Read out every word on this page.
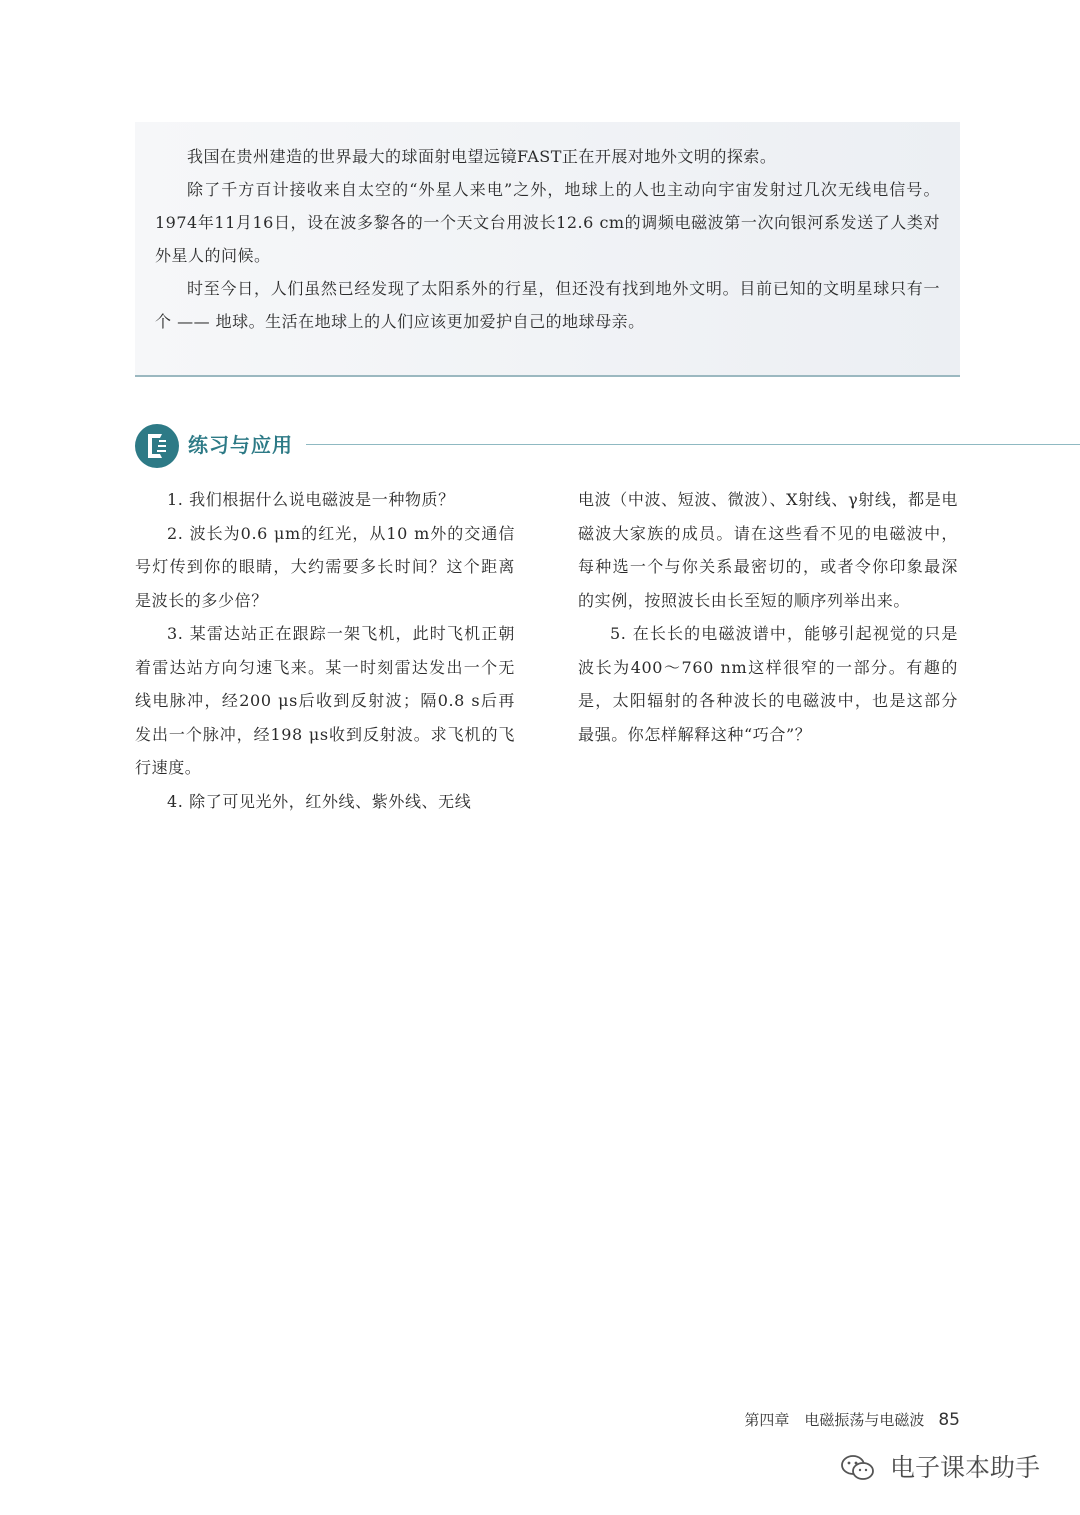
我国在贵州建造的世界最大的球面射电望远镜FAST正在开展对地外文明的探索。

除了千方百计接收来自太空的“外星人来电”之外，地球上的人也主动向宇宙发射过几次无线电信号。1974年11月16日，设在波多黎各的一个天文台用波长12.6 cm的调频电磁波第一次向银河系发送了人类对外星人的问候。

时至今日，人们虽然已经发现了太阳系外的行星，但还没有找到地外文明。目前已知的文明星球只有一个 —— 地球。生活在地球上的人们应该更加爱护自己的地球母亲。

练习与应用

1. 我们根据什么说电磁波是一种物质？

2. 波长为0.6 μm的红光，从10 m外的交通信号灯传到你的眼睛，大约需要多长时间？这个距离是波长的多少倍？

3. 某雷达站正在跟踪一架飞机，此时飞机正朝着雷达站方向匀速飞来。某一时刻雷达发出一个无线电脉冲，经200 μs后收到反射波；隔0.8 s后再发出一个脉冲，经198 μs收到反射波。求飞机的飞行速度。

4. 除了可见光外，红外线、紫外线、无线

电波（中波、短波、微波）、X射线、γ射线，都是电磁波大家族的成员。请在这些看不见的电磁波中，每种选一个与你关系最密切的，或者令你印象最深的实例，按照波长由长至短的顺序列举出来。

5. 在长长的电磁波谱中，能够引起视觉的只是波长为400～760 nm这样很窄的一部分。有趣的是，太阳辐射的各种波长的电磁波中，也是这部分最强。你怎样解释这种“巧合”？

第四章　电磁振荡与电磁波 85
电子课本助手
